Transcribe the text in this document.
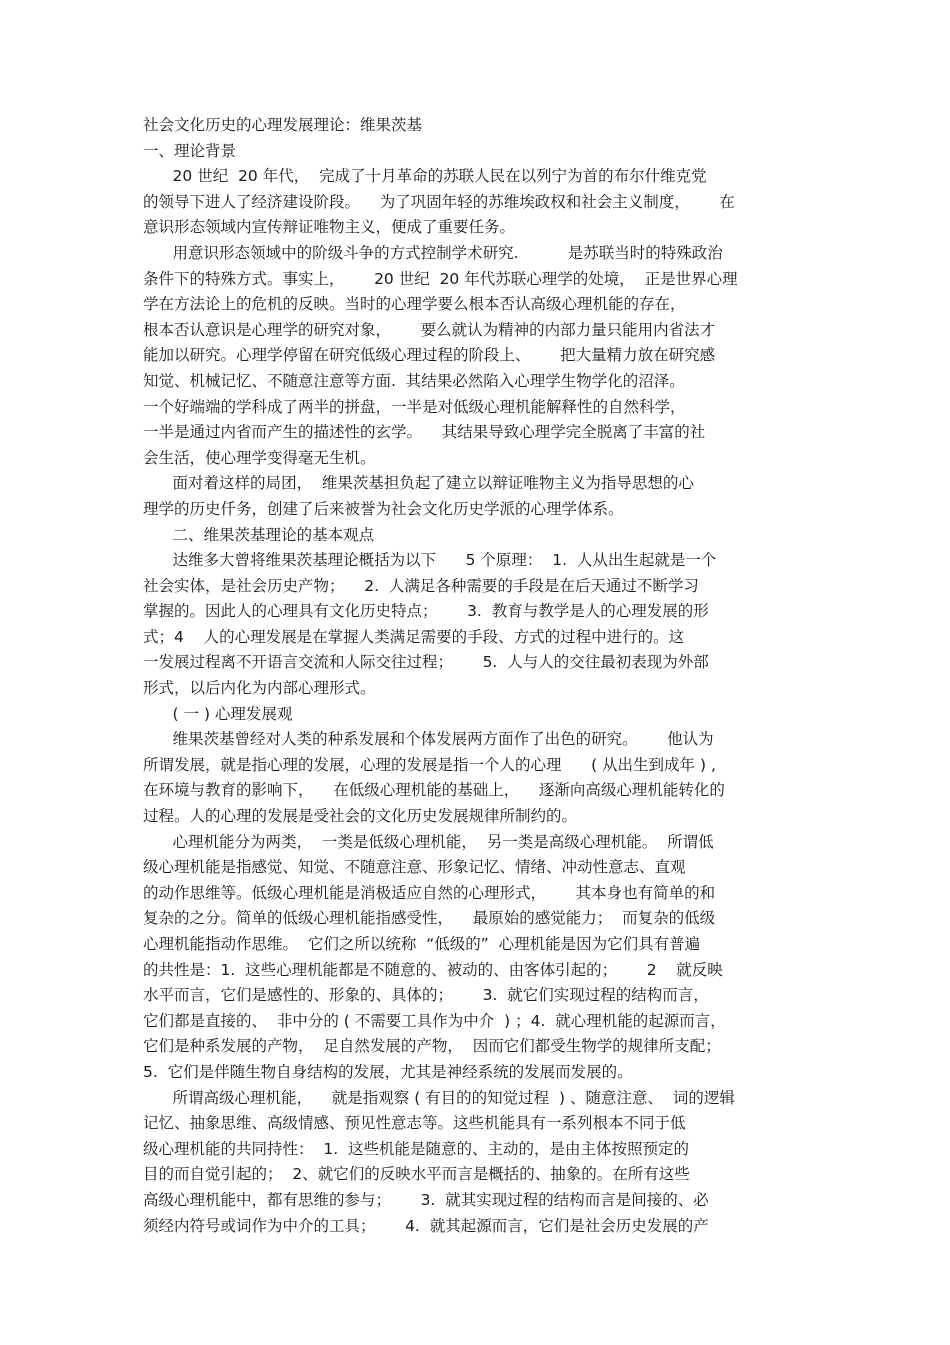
社会文化历史的心理发展理论：维果茨基
一、理论背景
20 世纪  20 年代，  完成了十月革命的苏联人民在以列宁为首的布尔什维克党
的领导下进人了经济建设阶段。    为了巩固年轻的苏维埃政权和社会主义制度，      在
意识形态领域内宣传辩证唯物主义，便成了重要任务。
用意识形态领域中的阶级斗争的方式控制学术研究.          是苏联当时的特殊政治
条件下的特殊方式。事实上，      20 世纪  20 年代苏联心理学的处境，  正是世界心理
学在方法论上的危机的反映。当时的心理学要么根本否认高级心理机能的存在，
根本否认意识是心理学的研究对象，      要么就认为精神的内部力量只能用内省法才
能加以研究。心理学停留在研究低级心理过程的阶段上、      把大量精力放在研究感
知觉、机械记忆、不随意注意等方面.  其结果必然陷入心理学生物学化的沼泽。
一个好端端的学科成了两半的拼盘，一半是对低级心理机能解释性的自然科学，
一半是通过内省而产生的描述性的玄学。    其结果导致心理学完全脱离了丰富的社
会生活，使心理学变得毫无生机。
面对着这样的局团，  维果茨基担负起了建立以辩证唯物主义为指导思想的心
理学的历史仟务，创建了后来被誉为社会文化历史学派的心理学体系。
二、维果茨基理论的基本观点
达维多大曾将维果茨基理论概括为以下      5 个原理：  1.  人从出生起就是一个
社会实体，是社会历史产物；    2.  人满足各种需要的手段是在后天通过不断学习
掌握的。因此人的心理具有文化历史特点；      3.  教育与教学是人的心理发展的形
式；4    人的心理发展是在掌握人类满足需要的手段、方式的过程中进行的。这
一发展过程离不开语言交流和人际交往过程；      5.  人与人的交往最初表现为外部
形式，以后内化为内部心理形式。
( 一 ) 心理发展观
维果茨基曾经对人类的种系发展和个体发展两方面作了出色的研究。      他认为
所谓发展，就是指心理的发展，心理的发展是指一个人的心理      ( 从出生到成年 ) ,
在环境与教育的影响下，    在低级心理机能的基础上，    逐渐向高级心理机能转化的
过程。人的心理的发展是受社会的文化历史发展规律所制约的。
心理机能分为两类，  一类是低级心理机能，  另一类是高级心理机能。  所谓低
级心理机能是指感觉、知觉、不随意注意、形象记忆、情绪、冲动性意志、直观
的动作思维等。低级心理机能是消极适应自然的心理形式，      其本身也有简单的和
复杂的之分。简单的低级心理机能指感受性，    最原始的感觉能力；  而复杂的低级
心理机能指动作思维。  它们之所以统称  “低级的”  心理机能是因为它们具有普遍
的共性是：1.  这些心理机能都是不随意的、被动的、由客体引起的；      2    就反映
水平而言，它们是感性的、形象的、具体的；      3.  就它们实现过程的结构而言，
它们都是直接的、  非中分的 ( 不需要工具作为中介  ) ；4.  就心理机能的起源而言，
它们是种系发展的产物，  足自然发展的产物，  因而它们都受生物学的规律所支配；
5.  它们是伴随生物自身结构的发展，尤其是神经系统的发展而发展的。
所谓高级心理机能，    就是指观察 ( 有目的的知觉过程  ) 、随意注意、  词的逻辑
记忆、抽象思维、高级情感、预见性意志等。这些机能具有一系列根本不同于低
级心理机能的共同持性：  1.  这些机能是随意的、主动的，是由主体按照预定的
目的而自觉引起的；  2、就它们的反映水平而言是概括的、抽象的。在所有这些
高级心理机能中，都有思维的参与；      3.  就其实现过程的结构而言是间接的、必
须经内符号或词作为中介的工具；      4.  就其起源而言，它们是社会历史发展的产
